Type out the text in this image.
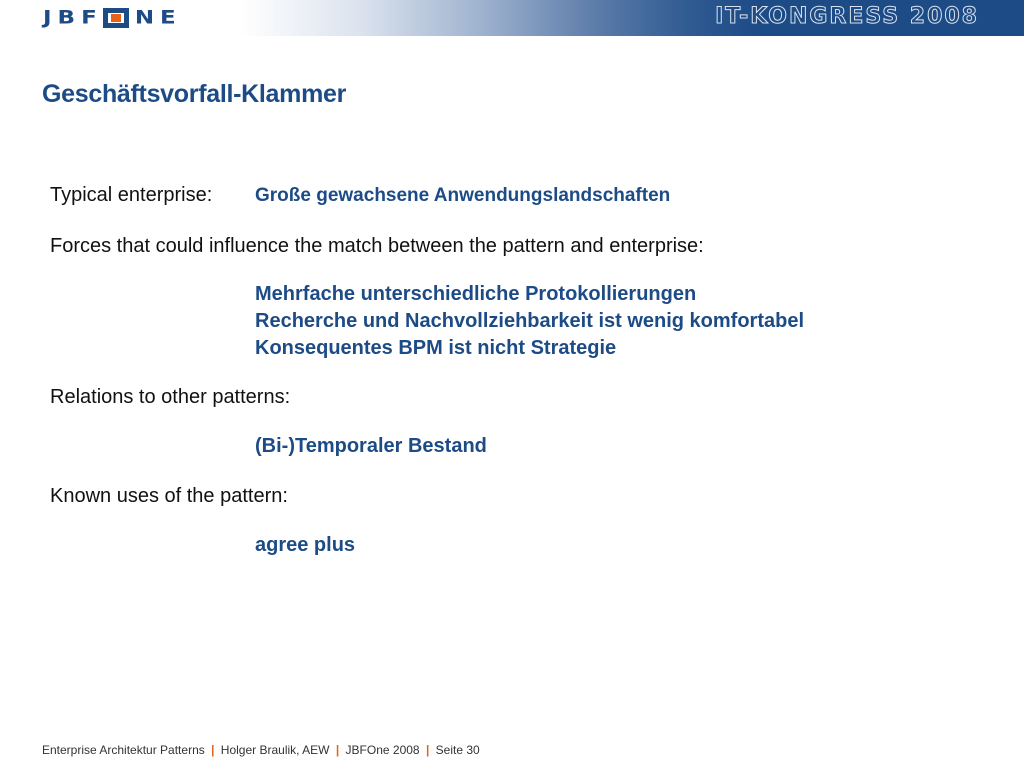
JBF NE	IT-KONGRESS 2008
Geschäftsvorfall-Klammer
Typical enterprise: Große gewachsene Anwendungslandschaften
Forces that could influence the match between the pattern and enterprise:
Mehrfache unterschiedliche Protokollierungen
Recherche und Nachvollziehbarkeit ist wenig komfortabel
Konsequentes BPM ist nicht Strategie
Relations to other patterns:
(Bi-)Temporaler Bestand
Known uses of the pattern:
agree plus
Enterprise Architektur Patterns | Holger Braulik, AEW | JBFOne 2008 | Seite 30
